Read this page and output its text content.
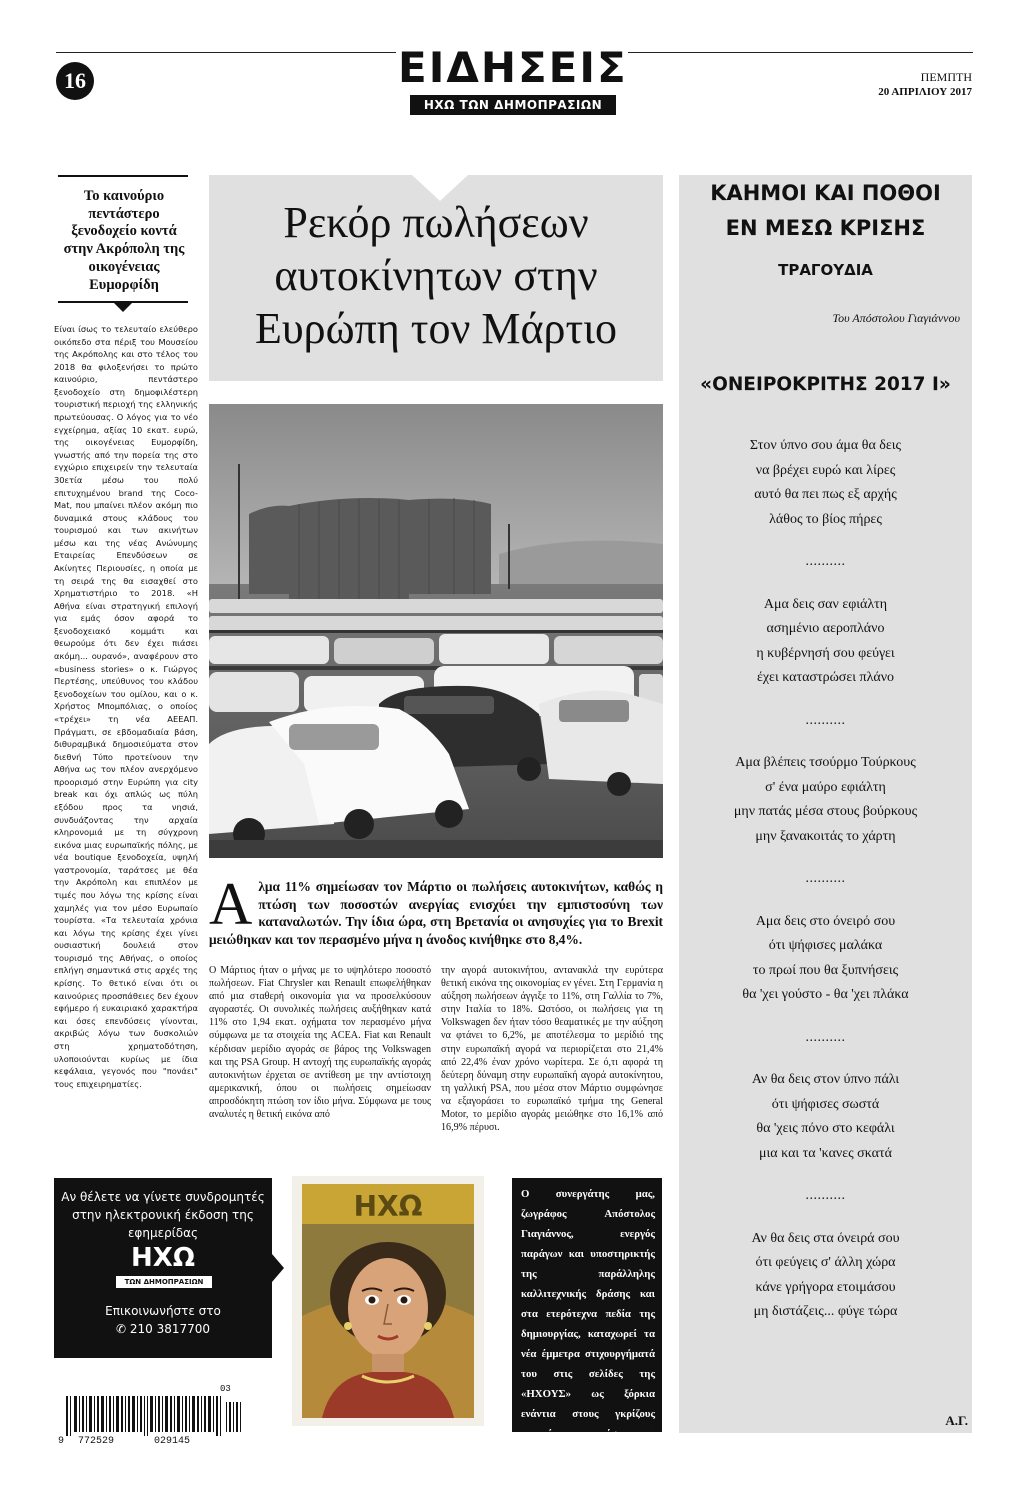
16	ΕΙΔΗΣΕΙΣ
ΗΧΩ ΤΩΝ ΔΗΜΟΠΡΑΣΙΩΝ
ΠΕΜΠΤΗ
20 ΑΠΡΙΛΙΟΥ 2017
Το καινούριο πεντάστερο ξενοδοχείο κοντά στην Ακρόπολη της οικογένειας Ευμορφίδη
Είναι ίσως το τελευταίο ελεύθερο οικόπεδο στα πέριξ του Μουσείου της Ακρόπολης και στο τέλος του 2018 θα φιλοξενήσει το πρώτο καινούριο, πεντάστερο ξενοδοχείο στη δημοφιλέστερη τουριστική περιοχή της ελληνικής πρωτεύουσας. Ο λόγος για το νέο εγχείρημα, αξίας 10 εκατ. ευρώ, της οικογένειας Ευμορφίδη, γνωστής από την πορεία της στο εγχώριο επιχειρείν την τελευταία 30ετία μέσω του πολύ επιτυχημένου brand της Coco-Mat, που μπαίνει πλέον ακόμη πιο δυναμικά στους κλάδους του τουρισμού και των ακινήτων μέσω και της νέας Ανώνυμης Εταιρείας Επενδύσεων σε Ακίνητες Περιουσίες, η οποία με τη σειρά της θα εισαχθεί στο Χρηματιστήριο το 2018. «Η Αθήνα είναι στρατηγική επιλογή για εμάς όσον αφορά το ξενοδοχειακό κομμάτι και θεωρούμε ότι δεν έχει πιάσει ακόμη... ουρανό», αναφέρουν στο «business stories» ο κ. Γιώργος Περτέσης, υπεύθυνος του κλάδου ξενοδοχείων του ομίλου, και ο κ. Χρήστος Μπομπόλιας, ο οποίος «τρέχει» τη νέα ΑΕΕΑΠ. Πράγματι, σε εβδομαδιαία βάση, διθυραμβικά δημοσιεύματα στον διεθνή Τύπο προτείνουν την Αθήνα ως τον πλέον ανερχόμενο προορισμό στην Ευρώπη για city break και όχι απλώς ως πύλη εξόδου προς τα νησιά, συνδυάζοντας την αρχαία κληρονομιά με τη σύγχρονη εικόνα μιας ευρωπαϊκής πόλης, με νέα boutique ξενοδοχεία, υψηλή γαστρονομία, ταράτσες με θέα την Ακρόπολη και επιπλέον με τιμές που λόγω της κρίσης είναι χαμηλές για τον μέσο Ευρωπαίο τουρίστα. «Τα τελευταία χρόνια και λόγω της κρίσης έχει γίνει ουσιαστική δουλειά στον τουρισμό της Αθήνας, ο οποίος επλήγη σημαντικά στις αρχές της κρίσης. Το θετικό είναι ότι οι καινούριες προσπάθειες δεν έχουν εφήμερο ή ευκαιριακό χαρακτήρα και όσες επενδύσεις γίνονται, ακριβώς λόγω των δυσκολιών στη χρηματοδότηση, υλοποιούνται κυρίως με ίδια κεφάλαια, γεγονός που "πονάει" τους επιχειρηματίες.
Ρεκόρ πωλήσεων αυτοκίνητων στην Ευρώπη τον Μάρτιο
Αλμα 11% σημείωσαν τον Μάρτιο οι πωλήσεις αυτοκινήτων, καθώς η πτώση των ποσοστών ανεργίας ενισχύει την εμπιστοσύνη των καταναλωτών. Την ίδια ώρα, στη Βρετανία οι ανησυχίες για το Brexit μειώθηκαν και τον περασμένο μήνα η άνοδος κινήθηκε στο 8,4%.
Ο Μάρτιος ήταν ο μήνας με το υψηλότερο ποσοστό πωλήσεων. Fiat Chrysler και Renault επωφελήθηκαν από μια σταθερή οικονομία για να προσελκύσουν αγοραστές. Οι συνολικές πωλήσεις αυξήθηκαν κατά 11% στο 1,94 εκατ. οχήματα τον περασμένο μήνα σύμφωνα με τα στοιχεία της ACEA. Fiat και Renault κέρδισαν μερίδιο αγοράς σε βάρος της Volkswagen και της PSA Group. Η αντοχή της ευρωπαϊκής αγοράς αυτοκινήτων έρχεται σε αντίθεση με την αντίστοιχη αμερικανική, όπου οι πωλήσεις σημείωσαν απροσδόκητη πτώση τον ίδιο μήνα. Σύμφωνα με τους αναλυτές η θετική εικόνα από
την αγορά αυτοκινήτου, αντανακλά την ευρύτερα θετική εικόνα της οικονομίας εν γένει. Στη Γερμανία η αύξηση πωλήσεων άγγιξε το 11%, στη Γαλλία το 7%, στην Ιταλία το 18%. Ωστόσο, οι πωλήσεις για τη Volkswagen δεν ήταν τόσο θεαματικές με την αύξηση να φτάνει το 6,2%, με αποτέλεσμα το μερίδιό της στην ευρωπαϊκή αγορά να περιορίζεται στο 21,4% από 22,4% έναν χρόνο νωρίτερα. Σε ό,τι αφορά τη δεύτερη δύναμη στην ευρωπαϊκή αγορά αυτοκίνητου, τη γαλλική PSA, που μέσα στον Μάρτιο συμφώνησε να εξαγοράσει το ευρωπαϊκό τμήμα της General Motor, το μερίδιο αγοράς μειώθηκε στο 16,1% από 16,9% πέρυσι.
ΚΑΗΜΟΙ ΚΑΙ ΠΟΘΟΙ
ΕΝ ΜΕΣΩ ΚΡΙΣΗΣ
ΤΡΑΓΟΥΔΙΑ
Του Απόστολου Γιαγιάννου
«ΟΝΕΙΡΟΚΡΙΤΗΣ 2017 Ι»
Στον ύπνο σου άμα θα δεις
να βρέχει ευρώ και λίρες
αυτό θα πει πως εξ αρχής
λάθος το βίος πήρες
..........
Αμα δεις σαν εφιάλτη
ασημένιο αεροπλάνο
η κυβέρνησή σου φεύγει
έχει καταστρώσει πλάνο
..........
Αμα βλέπεις τσούρμο Τούρκους
σ' ένα μαύρο εφιάλτη
μην πατάς μέσα στους βούρκους
μην ξανακοιτάς το χάρτη
..........
Αμα δεις στο όνειρό σου
ότι ψήφισες μαλάκα
το πρωί που θα ξυπνήσεις
θα 'χει γούστο - θα 'χει πλάκα
..........
Αν θα δεις στον ύπνο πάλι
ότι ψήφισες σωστά
θα 'χεις πόνο στο κεφάλι
μια και τα 'κανες σκατά
..........
Αν θα δεις στα όνειρά σου
ότι φεύγεις σ' άλλη χώρα
κάνε γρήγορα ετοιμάσου
μη διστάζεις... φύγε τώρα
Α.Γ.
Αν θέλετε να γίνετε συνδρομητές στην ηλεκτρονική έκδοση της εφημερίδας
ΗΧΩ
ΤΩΝ ΔΗΜΟΠΡΑΣΙΩΝ
Επικοινωνήστε στο
✆ 210 3817700
03
9 772529	029145
ΗΧΩ	Ο συνεργάτης μας, ζωγράφος Απόστολος Γιαγιάννος, ενεργός παράγων και υποστηρικτής της παράλληλης καλλιτεχνικής δράσης και στα ετερότεχνα πεδία της δημιουργίας, καταχωρεί τα νέα έμμετρα στιχουργήματά του στις σελίδες της «ΗΧΟΥΣ» ως ξόρκια ενάντια στους γκρίζους καιρούς της κρίσης που βιώνουμε.
